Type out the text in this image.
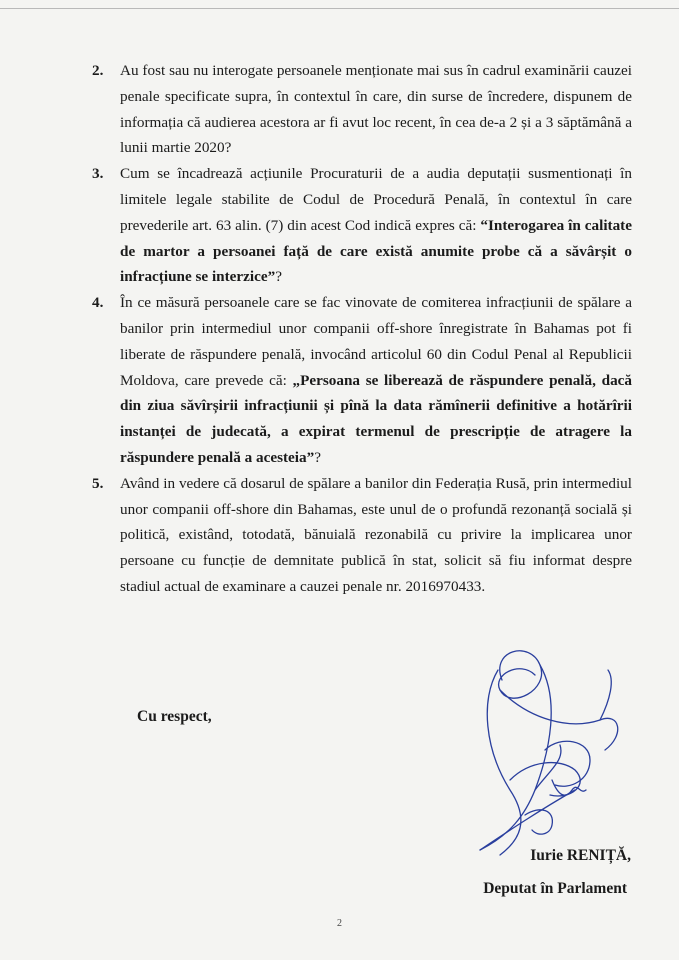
2. Au fost sau nu interogate persoanele menționate mai sus în cadrul examinării cauzei penale specificate supra, în contextul în care, din surse de încredere, dispunem de informația că audierea acestora ar fi avut loc recent, în cea de-a 2 și a 3 săptămână a lunii martie 2020?
3. Cum se încadrează acțiunile Procuraturii de a audia deputații susmentionați în limitele legale stabilite de Codul de Procedură Penală, în contextul în care prevederile art. 63 alin. (7) din acest Cod indică expres că: “Interogarea în calitate de martor a persoanei față de care există anumite probe că a săvârșit o infracțiune se interzice”?
4. În ce măsură persoanele care se fac vinovate de comiterea infracțiunii de spălare a banilor prin intermediul unor companii off-shore înregistrate în Bahamas pot fi liberate de răspundere penală, invocând articolul 60 din Codul Penal al Republicii Moldova, care prevede că: „Persoana se liberează de răspundere penală, dacă din ziua săvîrșirii infracțiunii și pînă la data rămînerii definitive a hotărîrii instanței de judecată, a expirat termenul de prescripție de atragere la răspundere penală a acesteia”?
5. Având in vedere că dosarul de spălare a banilor din Federația Rusă, prin intermediul unor companii off-shore din Bahamas, este unul de o profundă rezonanță socială și politică, existând, totodată, bănuială rezonabilă cu privire la implicarea unor persoane cu funcție de demnitate publică în stat, solicit să fiu informat despre stadiul actual de examinare a cauzei penale nr. 2016970433.
Cu respect,
Iurie RENIȚĂ,
Deputat în Parlament
2
